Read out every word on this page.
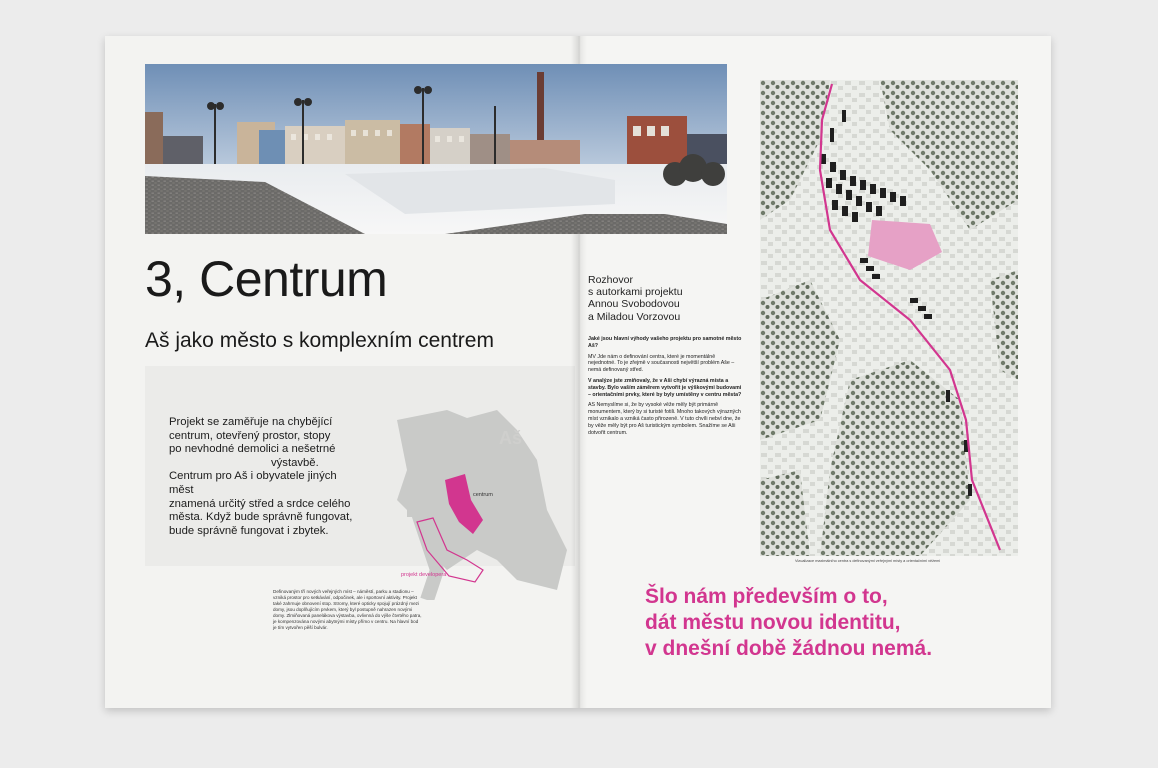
3, Centrum
Aš jako město s komplexním centrem

Projekt se zaměřuje na chybějící

centrum, otevřený prostor, stopy

po nevhodné demolici a nešetrné

výstavbě.

Centrum pro Aš i obyvatele jiných měst

znamená určitý střed a srdce celého

města. Když bude správně fungovat,

bude správně fungovat i zbytek.

Aš
centrum
projekt developera
Definovaným tří nových veřejných míst – náměstí, parku a stadionu –
vzniká prostor pro setkávání, odpočinek, ale i sportovní aktivity. Projekt
také zahrnuje obnovení stop. Stromy, které opticky spojují prázdný mezi
domy, jsou doplňujícím prvkem, který byl postupně nahrazen novými
domy. Zlmiňovaná panelákova výstavba, ovlivnná do výše čtvrtého patra,
je kompenzována novými abytnými místy přímo v centru. Na hlavní bod
je tím vytvořen pěší bulvár.
Rozhovor
s autorkami projektu
Annou Svobodovou
a Miladou Vorzovou

Jaké jsou hlavní výhody vašeho projektu pro samotné město Aš?

MV Jde nám o definování centra, které je momentálně nejednotné. To je zřejmě v současnosti největší problém Aše – nemá definovaný střed.

V analýze jste zmiňovaly, že v Aši chybí výrazná místa a stavby. Bylo vaším záměrem vytvořit je výškovými budovami – orientačními prvky, které by byly umístěny v centru města?

AS Nemyslíme si, že by vysoké věže měly být primárně monumentem, který by si turisté fotili. Mnoho takových výrazných míst vznikalo a vzniká často přirozeně. V tuto chvíli nebvl dne, že by věže měly být pro Aš turistickým symbolem. Snažíme se Aši dotvořit centrum.

Vizualizace maximálního centra s definovanými veřejnými místy a orientačními věžemi
Šlo nám především o to,
dát městu novou identitu,
v dnešní době žádnou nemá.
